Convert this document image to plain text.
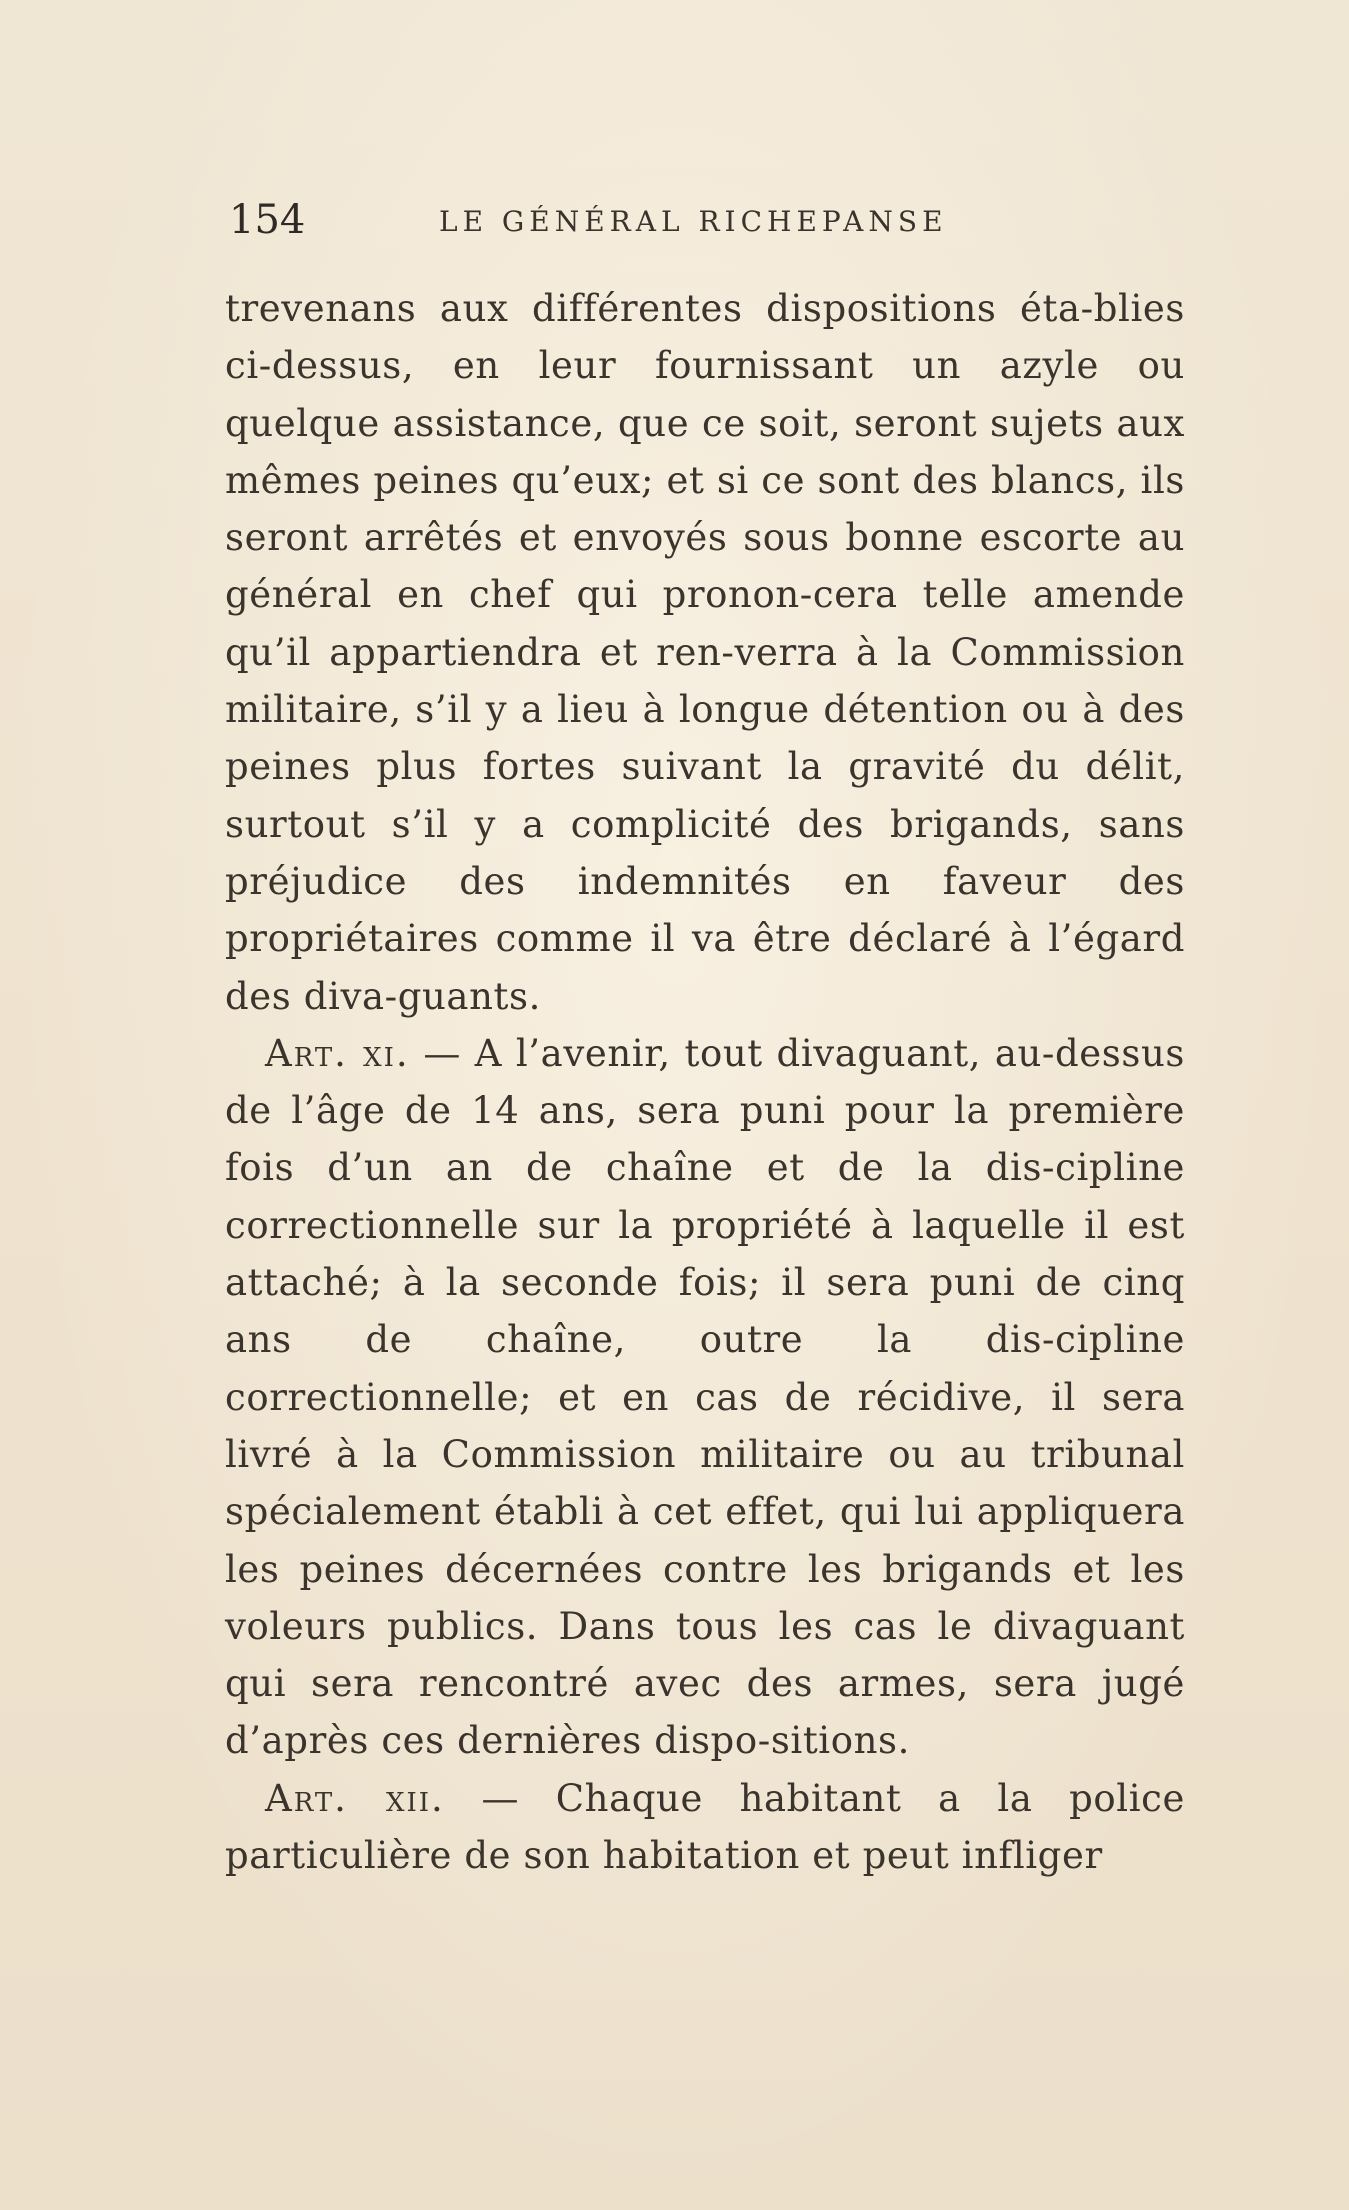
154	LE GÉNÉRAL RICHEPANSE

trevenans aux différentes dispositions éta-blies ci-dessus, en leur fournissant un azyle ou quelque assistance, que ce soit, seront sujets aux mêmes peines qu’eux; et si ce sont des blancs, ils seront arrêtés et envoyés sous bonne escorte au général en chef qui pronon-cera telle amende qu’il appartiendra et ren-verra à la Commission militaire, s’il y a lieu à longue détention ou à des peines plus fortes suivant la gravité du délit, surtout s’il y a complicité des brigands, sans préjudice des indemnités en faveur des propriétaires comme il va être déclaré à l’égard des diva-guants.

Art. xi. — A l’avenir, tout divaguant, au-dessus de l’âge de 14 ans, sera puni pour la première fois d’un an de chaîne et de la dis-cipline correctionnelle sur la propriété à laquelle il est attaché; à la seconde fois; il sera puni de cinq ans de chaîne, outre la dis-cipline correctionnelle; et en cas de récidive, il sera livré à la Commission militaire ou au tribunal spécialement établi à cet effet, qui lui appliquera les peines décernées contre les brigands et les voleurs publics. Dans tous les cas le divaguant qui sera rencontré avec des armes, sera jugé d’après ces dernières dispo-sitions.

Art. xii. — Chaque habitant a la police particulière de son habitation et peut infliger
